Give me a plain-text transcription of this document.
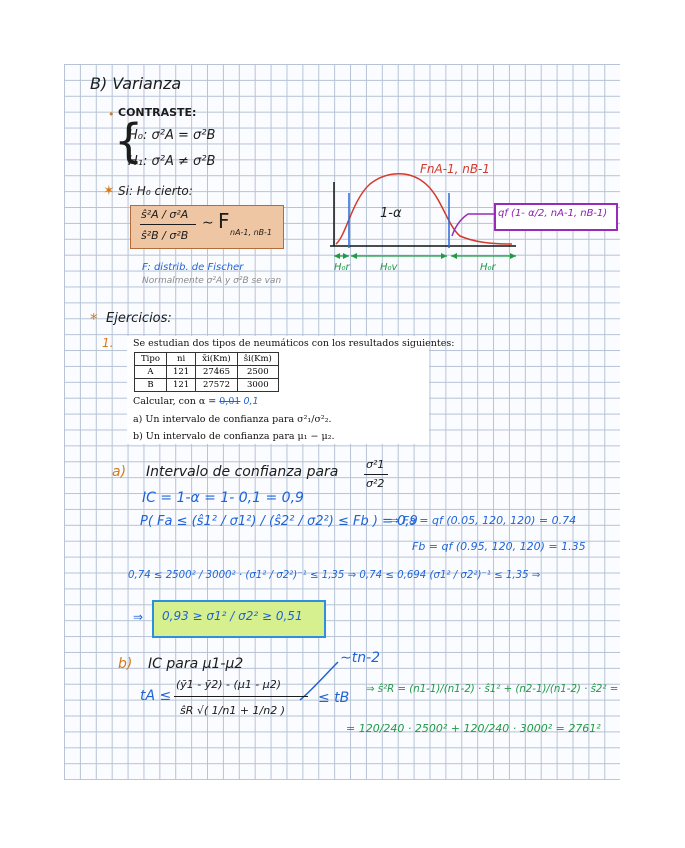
B) Varianza
• CONTRASTE:
{
H₀: σ²A = σ²B
H₁: σ²A ≠ σ²B
✶ Si: H₀ cierto:
ŝ²A / σ²A
ŝ²B / σ²B
∼ F nA-1, nB-1
F: distrib. de Fischer
Normalmente σ²A y σ²B se van
FnA-1, nB-1
1-α	qf (1- α/2, nA-1, nB-1)
H₀r	H₀v	H₀r
* Ejercicios:
1. Se estudian dos tipos de neumáticos con los resultados siguientes:
Tipo	ni	x̄i(Km)	ŝi(Km)
A	121	27465	2500
B	121	27572	3000
Calcular, con α = 0,01 0,1
a) Un intervalo de confianza para σ²₁/σ²₂.
b) Un intervalo de confianza para μ₁ − μ₂.
a) Intervalo de confianza para	σ²1
σ²2
IC = 1-α = 1- 0,1 = 0,9
P( Fa ≤ (ŝ1² / σ1²) / (ŝ2² / σ2²) ≤ Fb ) = 0,9
⇒ Fa = qf (0.05, 120, 120) = 0.74
Fb = qf (0.95, 120, 120) = 1.35
0,74 ≤ 2500² / 3000² · (σ1² / σ2²)⁻¹ ≤ 1,35 ⇒ 0,74 ≤ 0,694 (σ1² / σ2²)⁻¹ ≤ 1,35 ⇒
⇒ 0,93 ≥ σ1² / σ2² ≥ 0,51
b) IC para μ1-μ2	∼tn-2
tA ≤
(ȳ1 - ȳ2) - (μ1 - μ2)
ŝR √( 1/n1 + 1/n2 )
≤ tB
⇒ ŝ²R = (n1-1)/(n1-2) · ŝ1² + (n2-1)/(n1-2) · ŝ2² =
= 120/240 · 2500² + 120/240 · 3000² = 2761²
